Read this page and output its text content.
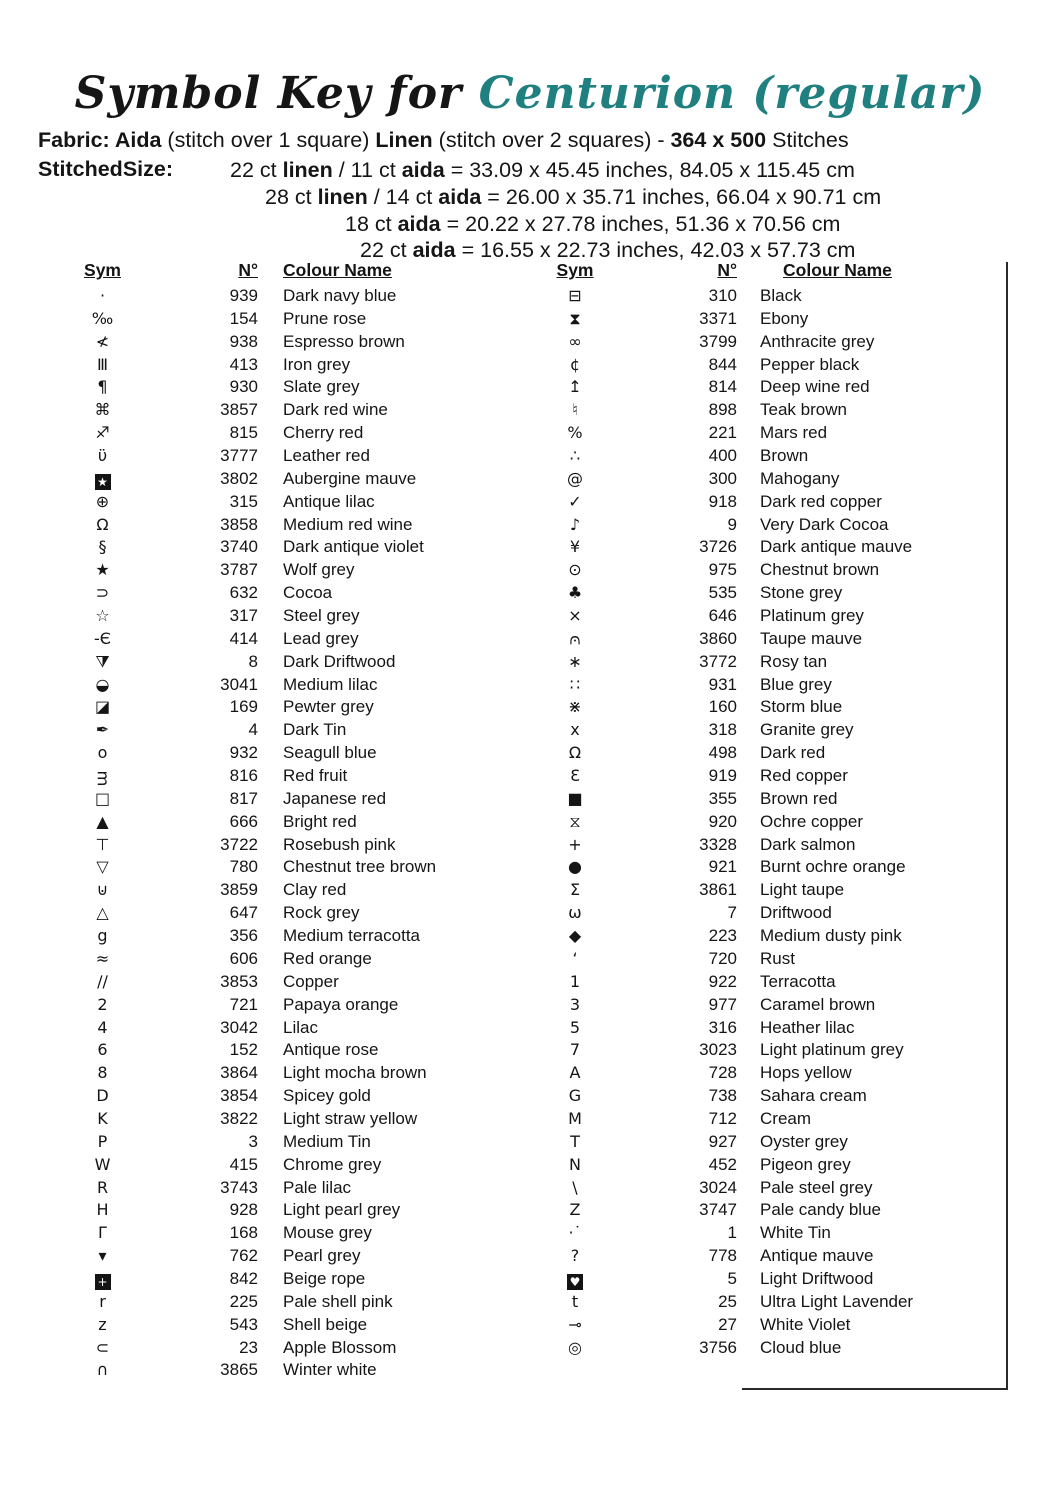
Symbol Key for Centurion (regular)
Fabric: Aida (stitch over 1 square) Linen (stitch over 2 squares) - 364 x 500 Stitches
StitchedSize:	22 ct linen / 11 ct aida = 33.09 x 45.45 inches, 84.05 x 115.45 cm
28 ct linen / 14 ct aida = 26.00 x 35.71 inches, 66.04 x 90.71 cm
18 ct aida = 20.22 x 27.78 inches, 51.36 x 70.56 cm
22 ct aida = 16.55 x 22.73 inches, 42.03 x 57.73 cm
Sym	N° Colour Name
·	939	Dark navy blue
‰	154	Prune rose
≮	938	Espresso brown
Ⅲ	413	Iron grey
¶	930	Slate grey
⌘	3857	Dark red wine
♐	815	Cherry red
ϋ	3777	Leather red
★	3802	Aubergine mauve
⊕	315	Antique lilac
Ω	3858	Medium red wine
§	3740	Dark antique violet
★	3787	Wolf grey
⊃	632	Cocoa
☆	317	Steel grey
-Є	414	Lead grey
⧩	8	Dark Driftwood
◒	3041	Medium lilac
◪	169	Pewter grey
✒	4	Dark Tin
o	932	Seagull blue
ᴟ	816	Red fruit
□	817	Japanese red
▲	666	Bright red
⊤	3722	Rosebush pink
▽	780	Chestnut tree brown
⊍	3859	Clay red
△	647	Rock grey
g	356	Medium terracotta
≈	606	Red orange
∕∕	3853	Copper
2	721	Papaya orange
4	3042	Lilac
6	152	Antique rose
8	3864	Light mocha brown
D	3854	Spicey gold
K	3822	Light straw yellow
P	3	Medium Tin
W	415	Chrome grey
R	3743	Pale lilac
H	928	Light pearl grey
Γ	168	Mouse grey
▾	762	Pearl grey
+	842	Beige rope
r	225	Pale shell pink
z	543	Shell beige
⊂	23	Apple Blossom
∩	3865	Winter white
Sym	N°	Colour Name
⊟	310	Black
⧗	3371	Ebony
∞	3799	Anthracite grey
¢	844	Pepper black
↥	814	Deep wine red
♮	898	Teak brown
%	221	Mars red
∴	400	Brown
@	300	Mahogany
✓	918	Dark red copper
♪	9	Very Dark Cocoa
¥	3726	Dark antique mauve
⊙	975	Chestnut brown
♣	535	Stone grey
×	646	Platinum grey
⩀	3860	Taupe mauve
∗	3772	Rosy tan
∷	931	Blue grey
⋇	160	Storm blue
x	318	Granite grey
Ω	498	Dark red
Ɛ	919	Red copper
■	355	Brown red
⧖	920	Ochre copper
+	3328	Dark salmon
●	921	Burnt ochre orange
Σ	3861	Light taupe
ω	7	Driftwood
◆	223	Medium dusty pink
‘	720	Rust
1	922	Terracotta
3	977	Caramel brown
5	316	Heather lilac
7	3023	Light platinum grey
A	728	Hops yellow
G	738	Sahara cream
M	712	Cream
T	927	Oyster grey
N	452	Pigeon grey
\	3024	Pale steel grey
Z	3747	Pale candy blue
·˙	1	White Tin
?	778	Antique mauve
♥	5	Light Driftwood
t	25	Ultra Light Lavender
⊸	27	White Violet
◎	3756	Cloud blue
